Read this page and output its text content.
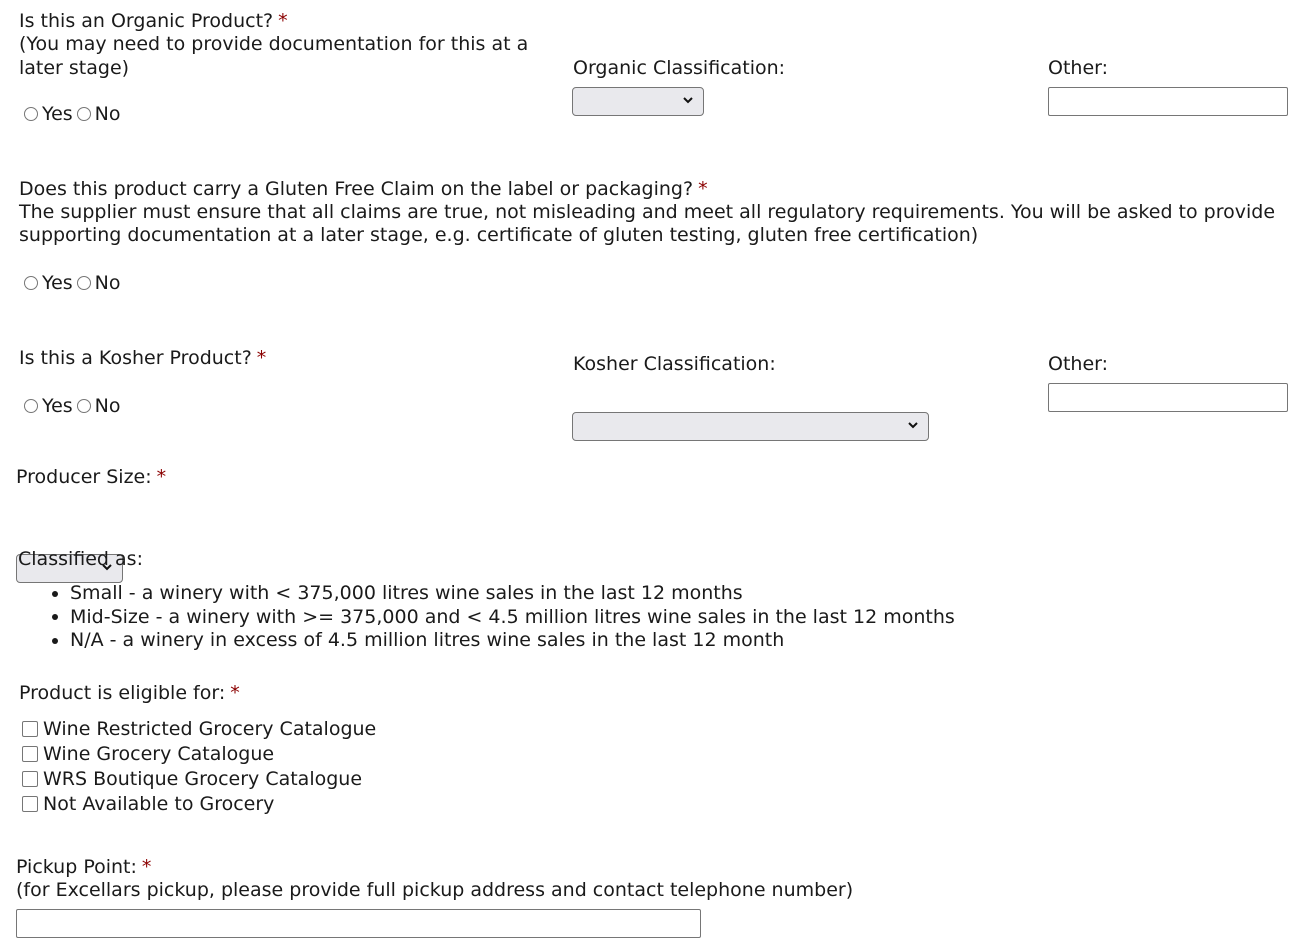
Is this an Organic Product? *
(You may need to provide documentation for this at a
later stage)
Yes No
Organic Classification:	Other:
Does this product carry a Gluten Free Claim on the label or packaging? *
The supplier must ensure that all claims are true, not misleading and meet all regulatory requirements. You will be asked to provide
supporting documentation at a later stage, e.g. certificate of gluten testing, gluten free certification)
Yes No
Is this a Kosher Product? *
Yes No
Kosher Classification:	Other:
Producer Size: *
Classified as:
Small - a winery with < 375,000 litres wine sales in the last 12 months
Mid-Size - a winery with >= 375,000 and < 4.5 million litres wine sales in the last 12 months
N/A - a winery in excess of 4.5 million litres wine sales in the last 12 month
Product is eligible for: *
Wine Restricted Grocery Catalogue
Wine Grocery Catalogue
WRS Boutique Grocery Catalogue
Not Available to Grocery
Pickup Point: *
(for Excellars pickup, please provide full pickup address and contact telephone number)
